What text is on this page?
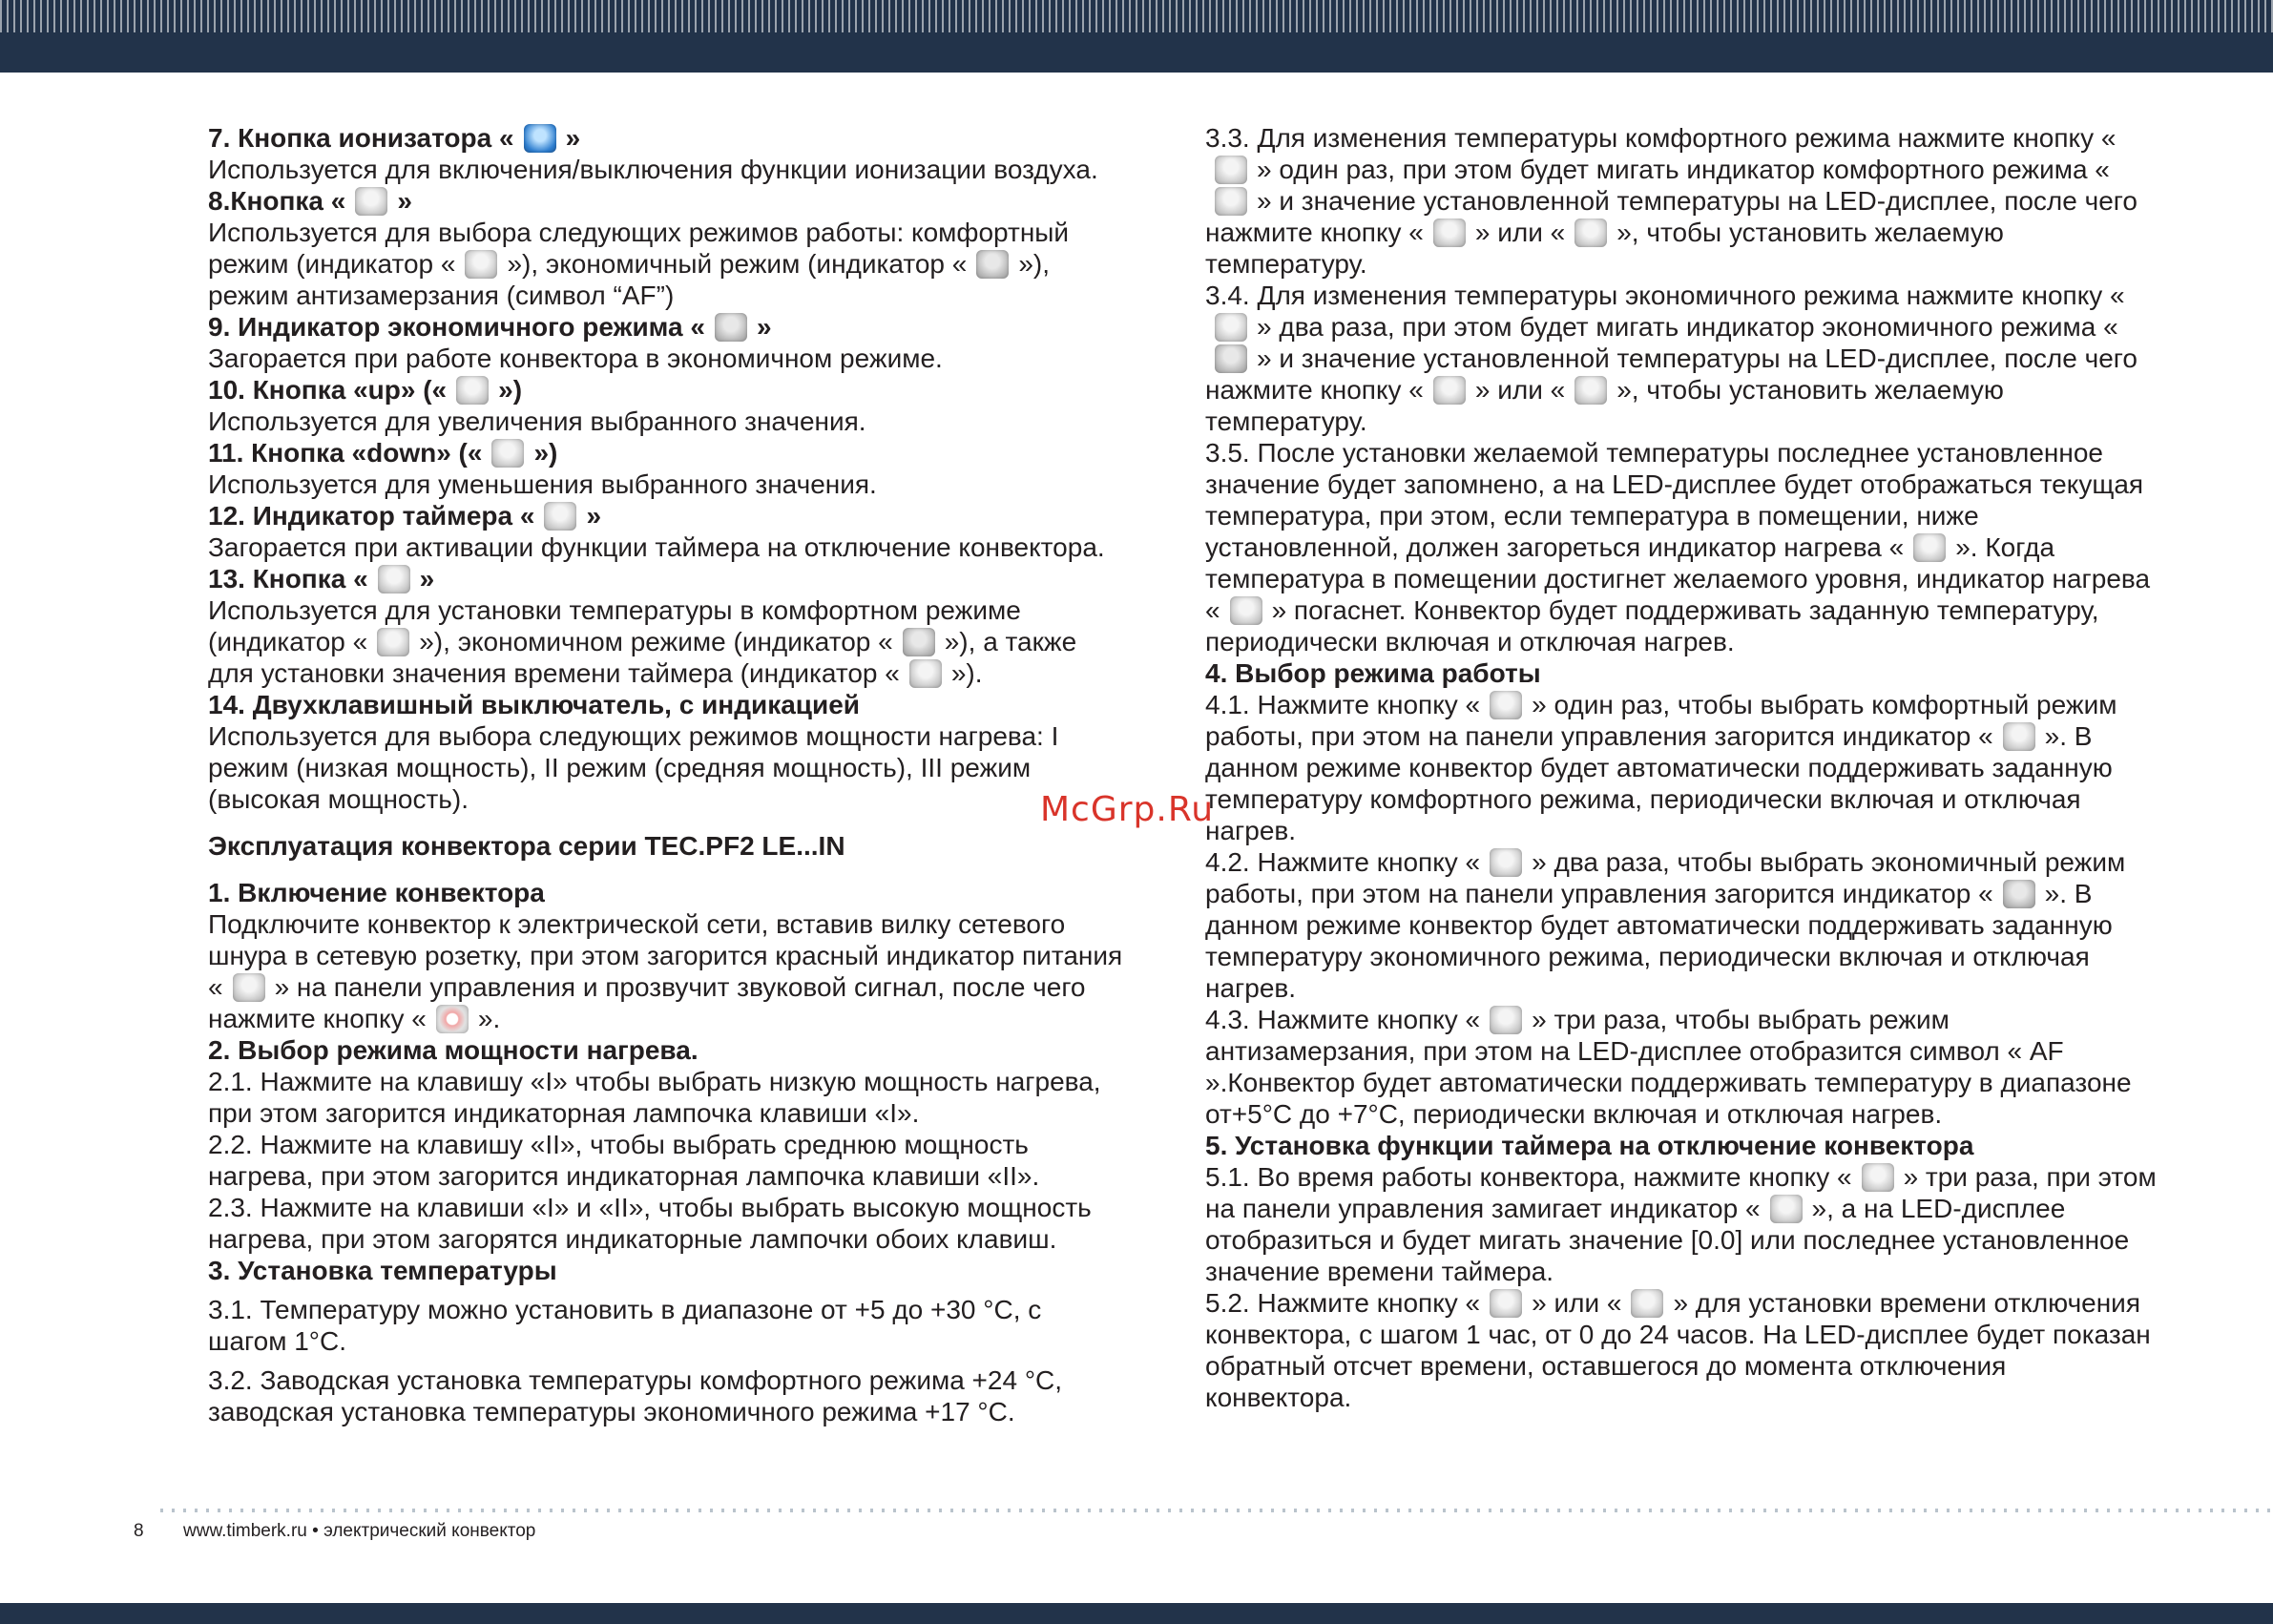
7. Кнопка ионизатора « »

Используется для включения/выключения функции ионизации воздуха.

8.Кнопка « »

Используется для выбора следующих режимов работы: комфортный режим (индикатор « »), экономичный режим (индикатор « »), режим антизамерзания (символ “AF”)

9. Индикатор экономичного режима « »

Загорается при работе конвектора в экономичном режиме.

10. Кнопка «up» (« »)

Используется для увеличения выбранного значения.

11. Кнопка «down» (« »)

Используется для уменьшения выбранного значения.

12. Индикатор таймера « »

Загорается при активации функции таймера на отключение конвектора.

13. Кнопка « »

Используется для установки температуры в комфортном режиме (индикатор « »), экономичном режиме (индикатор « »), а также для установки значения времени таймера (индикатор « »).

14. Двухклавишный выключатель, с индикацией

Используется для выбора следующих режимов мощности нагрева: I режим (низкая мощность), II режим (средняя мощность), III режим (высокая мощность).

Эксплуатация конвектора серии TEC.PF2 LE...IN

1. Включение конвектора

Подключите конвектор к электрической сети, вставив вилку сетевого шнура в сетевую розетку, при этом загорится красный индикатор питания « » на панели управления и прозвучит звуковой сигнал, после чего нажмите кнопку « ».

2. Выбор режима мощности нагрева.

2.1. Нажмите на клавишу «I» чтобы выбрать низкую мощность нагрева, при этом загорится индикаторная лампочка клавиши «I».

2.2. Нажмите на клавишу «II», чтобы выбрать среднюю мощность нагрева, при этом загорится индикаторная лампочка клавиши «II».

2.3. Нажмите на клавиши «I» и «II», чтобы выбрать высокую мощность нагрева, при этом загорятся индикаторные лампочки обоих клавиш.

3. Установка температуры

3.1. Температуру можно установить в диапазоне от +5 до +30 °С, с шагом 1°С.

3.2. Заводская установка температуры комфортного режима +24 °С, заводская установка температуры экономичного режима +17 °С.

3.3. Для изменения температуры комфортного режима нажмите кнопку «» один раз, при этом будет мигать индикатор комфортного режима «» и значение установленной температуры на LED-дисплее, после чего нажмите кнопку « » или « », чтобы установить желаемую температуру.

3.4. Для изменения температуры экономичного режима нажмите кнопку «» два раза, при этом будет мигать индикатор экономичного режима «» и значение установленной температуры на LED-дисплее, после чего нажмите кнопку « » или « », чтобы установить желаемую температуру.

3.5. После установки желаемой температуры последнее установленное значение будет запомнено, а на LED-дисплее будет отображаться текущая температура, при этом, если температура в помещении, ниже установленной, должен загореться индикатор нагрева « ». Когда температура в помещении достигнет желаемого уровня, индикатор нагрева « » погаснет. Конвектор будет поддерживать заданную температуру, периодически включая и отключая нагрев.

4. Выбор режима работы

4.1. Нажмите кнопку « » один раз, чтобы выбрать комфортный режим работы, при этом на панели управления загорится индикатор « ». В данном режиме конвектор будет автоматически поддерживать заданную температуру комфортного режима, периодически включая и отключая нагрев.

4.2. Нажмите кнопку « » два раза, чтобы выбрать экономичный режим работы, при этом на панели управления загорится индикатор « ». В данном режиме конвектор будет автоматически поддерживать заданную температуру экономичного режима, периодически включая и отключая нагрев.

4.3. Нажмите кнопку « » три раза, чтобы выбрать режим антизамерзания, при этом на LED-дисплее отобразится символ « AF ».Конвектор будет автоматически поддерживать температуру в диапазоне от+5°С до +7°С, периодически включая и отключая нагрев.

5. Установка функции таймера на отключение конвектора

5.1. Во время работы конвектора, нажмите кнопку « » три раза, при этом на панели управления замигает индикатор « », а на LED-дисплее отобразиться и будет мигать значение [0.0] или последнее установленное значение времени таймера.

5.2. Нажмите кнопку « » или « » для установки времени отключения конвектора, с шагом 1 час, от 0 до 24 часов. На LED-дисплее будет показан обратный отсчет времени, оставшегося до момента отключения конвектора.

McGrp.Ru
8 www.timberk.ru • электрический конвектор
